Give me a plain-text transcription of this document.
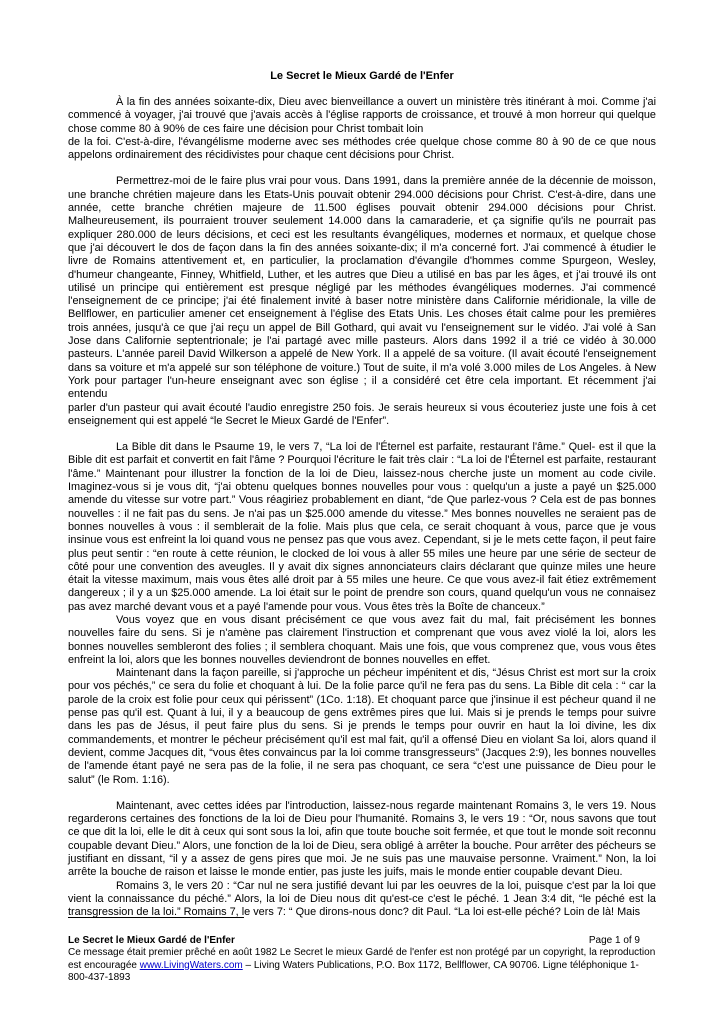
Le Secret le Mieux Gardé de l'Enfer

À la fin des années soixante-dix, Dieu avec bienveillance a ouvert un ministère très itinérant à moi. Comme j'ai commencé à voyager, j'ai trouvé que j'avais accès à l'église rapports de croissance, et trouvé à mon horreur qui quelque chose comme 80 à 90% de ces faire une décision pour Christ tombait loin

de la foi. C'est-à-dire, l'évangélisme moderne avec ses méthodes crée quelque chose comme 80 à 90 de ce que nous appelons ordinairement des récidivistes pour chaque cent décisions pour Christ.

Permettrez-moi de le faire plus vrai pour vous. Dans 1991, dans la première année de la décennie de moisson, une branche chrétien majeure dans les Etats-Unis pouvait obtenir 294.000 décisions pour Christ. C'est-à-dire, dans une année, cette branche chrétien majeure de 11.500 églises pouvait obtenir 294.000 décisions pour Christ. Malheureusement, ils pourraient trouver seulement 14.000 dans la camaraderie, et ça signifie qu'ils ne pourrait pas expliquer 280.000 de leurs décisions, et ceci est les resultants évangéliques, modernes et normaux, et quelque chose que j'ai découvert le dos de façon dans la fin des années soixante-dix; il m'a concerné fort. J'ai commencé à étudier le livre de Romains attentivement et, en particulier, la proclamation d'évangile d'hommes comme Spurgeon, Wesley, d'humeur changeante, Finney, Whitfield, Luther, et les autres que Dieu a utilisé en bas par les âges, et j'ai trouvé ils ont utilisé un principe qui entièrement est presque négligé par les méthodes évangéliques modernes. J'ai commencé l'enseignement de ce principe; j'ai été finalement invité à baser notre ministère dans Californie méridionale, la ville de Bellflower, en particulier amener cet enseignement à l'église des Etats Unis. Les choses était calme pour les premières trois années, jusqu'à ce que j'ai reçu un appel de Bill Gothard, qui avait vu l'enseignement sur le vidéo. J'ai volé à San Jose dans Californie septentrionale; je l'ai partagé avec mille pasteurs. Alors dans 1992 il a trié ce vidéo à 30.000 pasteurs. L'année pareil David Wilkerson a appelé de New York. Il a appelé de sa voiture. (Il avait écouté l'enseignement dans sa voiture et m'a appelé sur son téléphone de voiture.) Tout de suite, il m'a volé 3.000 miles de Los Angeles. à New York pour partager l'un-heure enseignant avec son église ; il a considéré cet être cela important. Et récemment j'ai entendu

parler d'un pasteur qui avait écouté l'audio enregistre 250 fois. Je serais heureux si vous écouteriez juste une fois à cet enseignement qui est appelé “le Secret le Mieux Gardé de l'Enfer”.

La Bible dit dans le Psaume 19, le vers 7, “La loi de l'Éternel est parfaite, restaurant l'âme.” Quel- est il que la Bible dit est parfait et convertit en fait l'âme ? Pourquoi l'écriture le fait très clair : “La loi de l'Éternel est parfaite, restaurant l'âme.” Maintenant pour illustrer la fonction de la loi de Dieu, laissez-nous cherche juste un moment au code civile. Imaginez-vous si je vous dit, “j'ai obtenu quelques bonnes nouvelles pour vous : quelqu'un a juste a payé un $25.000 amende du vitesse sur votre part.” Vous réagiriez probablement en diant, “de Que parlez-vous ? Cela est de pas bonnes nouvelles : il ne fait pas du sens. Je n'ai pas un $25.000 amende du vitesse.” Mes bonnes nouvelles ne seraient pas de bonnes nouvelles à vous : il semblerait de la folie. Mais plus que cela, ce serait choquant à vous, parce que je vous insinue vous est enfreint la loi quand vous ne pensez pas que vous avez. Cependant, si je le mets cette façon, il peut faire plus peut sentir : “en route à cette réunion, le clocked de loi vous à aller 55 miles une heure par une série de secteur de côté pour une convention des aveugles. Il y avait dix signes annonciateurs clairs déclarant que quinze miles une heure était la vitesse maximum, mais vous êtes allé droit par à 55 miles une heure. Ce que vous avez-il fait étiez extrêmement dangereux ; il y a un $25.000 amende. La loi était sur le point de prendre son cours, quand quelqu'un vous ne connaisez pas avez marché devant vous et a payé l'amende pour vous. Vous êtes très la Boîte de chanceux.”

Vous voyez que en vous disant précisément ce que vous avez fait du mal, fait précisément les bonnes nouvelles faire du sens. Si je n'amène pas clairement l'instruction et comprenant que vous avez violé la loi, alors les bonnes nouvelles sembleront des folies ; il semblera choquant. Mais une fois, que vous comprenez que, vous vous êtes enfreint la loi, alors que les bonnes nouvelles deviendront de bonnes nouvelles en effet.

Maintenant dans la façon pareille, si j'approche un pécheur impénitent et dis, “Jésus Christ est mort sur la croix pour vos péchés,” ce sera du folie et choquant à lui. De la folie parce qu'il ne fera pas du sens. La Bible dit cela : “ car la parole de la croix est folie pour ceux qui périssent” (1Co. 1:18). Et choquant parce que j'insinue il est pécheur quand il ne pense pas qu'il est. Quant à lui, il y a beaucoup de gens extrêmes pires que lui. Mais si je prends le temps pour suivre dans les pas de Jésus, il peut faire plus du sens. Si je prends le temps pour ouvrir en haut la loi divine, les dix commandements, et montrer le pécheur précisément qu'il est mal fait, qu'il a offensé Dieu en violant Sa loi, alors quand il devient, comme Jacques dit, “vous êtes convaincus par la loi comme transgresseurs” (Jacques 2:9), les bonnes nouvelles de l'amende étant payé ne sera pas de la folie, il ne sera pas choquant, ce sera “c'est une puissance de Dieu pour le salut” (le Rom. 1:16).

Maintenant, avec cettes idées par l'introduction, laissez-nous regarde maintenant Romains 3, le vers 19. Nous regarderons certaines des fonctions de la loi de Dieu pour l'humanité. Romains 3, le vers 19 : “Or, nous savons que tout ce que dit la loi, elle le dit à ceux qui sont sous la loi, afin que toute bouche soit fermée, et que tout le monde soit reconnu coupable devant Dieu.” Alors, une fonction de la loi de Dieu, sera obligé à arrêter la bouche. Pour arrêter des pécheurs se justifiant en dissant, “il y a assez de gens pires que moi. Je ne suis pas une mauvaise personne. Vraiment.” Non, la loi arrête la bouche de raison et laisse le monde entier, pas juste les juifs, mais le monde entier coupable devant Dieu.

Romains 3, le vers 20 : “Car nul ne sera justifié devant lui par les oeuvres de la loi, puisque c'est par la loi que vient la connaissance du péché.” Alors, la loi de Dieu nous dit qu'est-ce c'est le péché. 1 Jean 3:4 dit, “le péché est la transgression de la loi.” Romains 7, le vers 7: “ Que dirons-nous donc? dit Paul. “La loi est-elle péché? Loin de là! Mais

Le Secret le Mieux Gardé de l'Enfer	Page 1 of 9
Ce message était premier prêché en août 1982 Le Secret le mieux Gardé de l'enfer est non protégé par un copyright, la reproduction est encouragée www.LivingWaters.com – Living Waters Publications, P.O. Box 1172, Bellflower, CA 90706. Ligne téléphonique 1-800-437-1893
